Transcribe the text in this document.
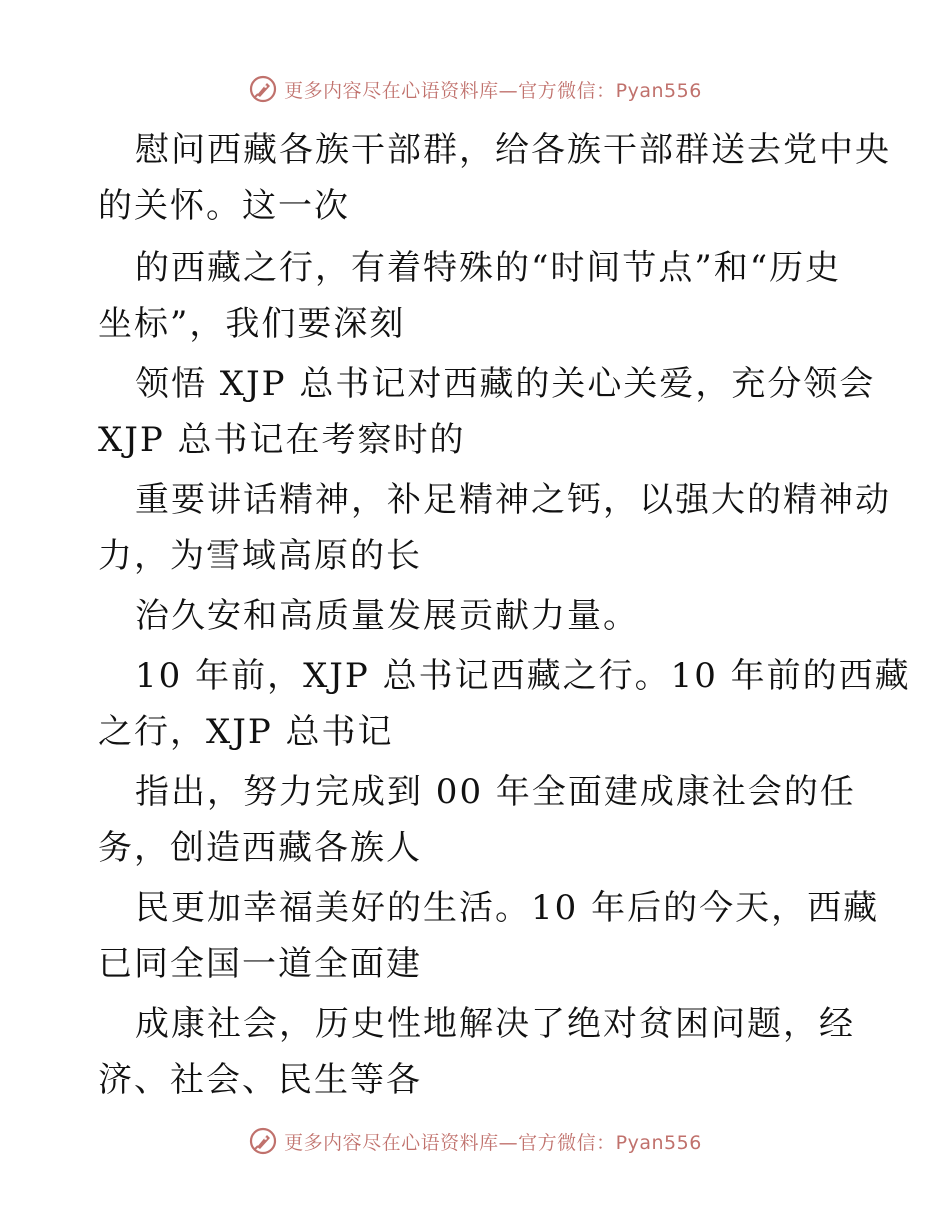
更多内容尽在心语资料库—官方微信：Pyan556
慰问西藏各族干部群，给各族干部群送去党中央
的关怀。这一次
的西藏之行，有着特殊的“时间节点”和“历史
坐标”，我们要深刻
领悟 XJP 总书记对西藏的关心关爱，充分领会
XJP 总书记在考察时的
重要讲话精神，补足精神之钙，以强大的精神动
力，为雪域高原的长
治久安和高质量发展贡献力量。
10 年前，XJP 总书记西藏之行。10 年前的西藏
之行，XJP 总书记
指出，努力完成到 00 年全面建成康社会的任
务，创造西藏各族人
民更加幸福美好的生活。10 年后的今天，西藏
已同全国一道全面建
成康社会，历史性地解决了绝对贫困问题，经
济、社会、民生等各
更多内容尽在心语资料库—官方微信：Pyan556
